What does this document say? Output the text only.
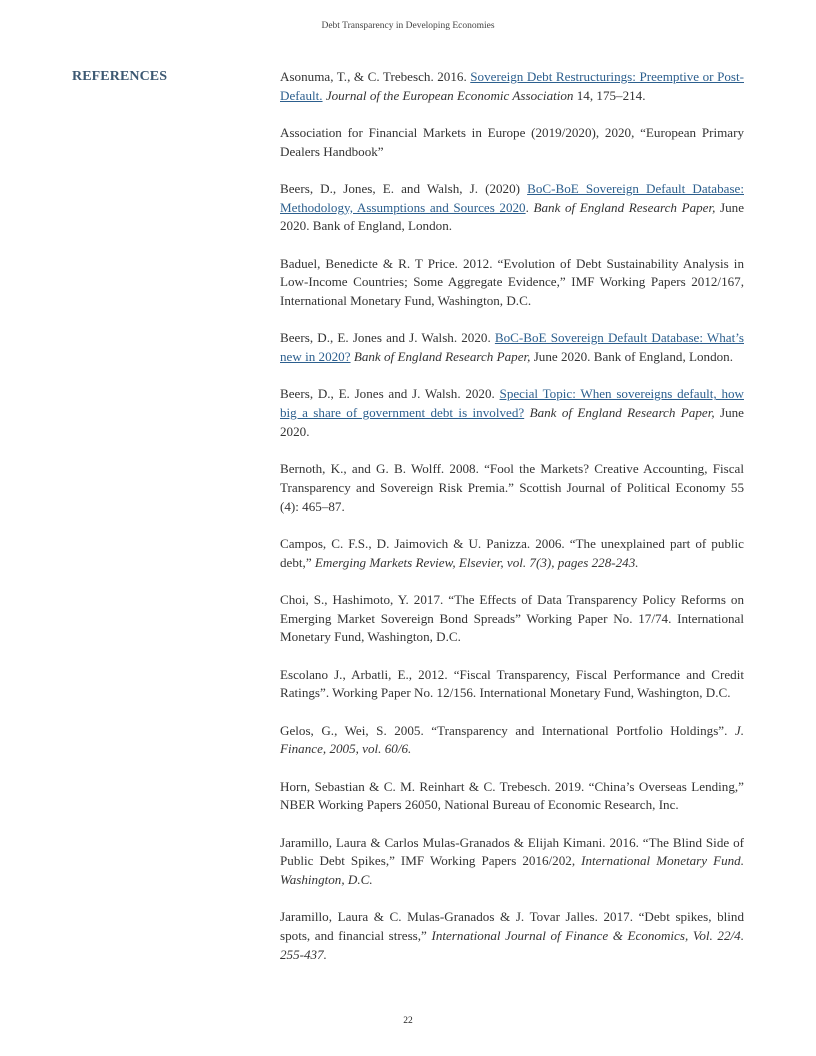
Debt Transparency in Developing Economies
REFERENCES	Asonuma, T., & C. Trebesch. 2016. Sovereign Debt Restructurings: Preemptive or Post-Default. Journal of the European Economic Association 14, 175–214.

Association for Financial Markets in Europe (2019/2020), 2020, “European Primary Dealers Handbook”

Beers, D., Jones, E. and Walsh, J. (2020) BoC-BoE Sovereign Default Database: Methodology, Assumptions and Sources 2020. Bank of England Research Paper, June 2020. Bank of England, London.

Baduel, Benedicte & R. T Price. 2012. “Evolution of Debt Sustainability Analysis in Low-Income Countries; Some Aggregate Evidence,” IMF Working Papers 2012/167, International Monetary Fund, Washington, D.C.

Beers, D., E. Jones and J. Walsh. 2020. BoC-BoE Sovereign Default Database: What’s new in 2020? Bank of England Research Paper, June 2020. Bank of England, London.

Beers, D., E. Jones and J. Walsh. 2020. Special Topic: When sovereigns default, how big a share of government debt is involved? Bank of England Research Paper, June 2020.

Bernoth, K., and G. B. Wolff. 2008. “Fool the Markets? Creative Accounting, Fiscal Transparency and Sovereign Risk Premia.” Scottish Journal of Political Economy 55 (4): 465–87.

Campos, C. F.S., D. Jaimovich & U. Panizza. 2006. “The unexplained part of public debt,” Emerging Markets Review, Elsevier, vol. 7(3), pages 228-243.

Choi, S., Hashimoto, Y. 2017. “The Effects of Data Transparency Policy Reforms on Emerging Market Sovereign Bond Spreads” Working Paper No. 17/74. International Monetary Fund, Washington, D.C.

Escolano J., Arbatli, E., 2012. “Fiscal Transparency, Fiscal Performance and Credit Ratings”. Working Paper No. 12/156. International Monetary Fund, Washington, D.C.

Gelos, G., Wei, S. 2005. “Transparency and International Portfolio Holdings”. J. Finance, 2005, vol. 60/6.

Horn, Sebastian & C. M. Reinhart & C. Trebesch. 2019. “China’s Overseas Lending,” NBER Working Papers 26050, National Bureau of Economic Research, Inc.

Jaramillo, Laura & Carlos Mulas-Granados & Elijah Kimani. 2016. “The Blind Side of Public Debt Spikes,” IMF Working Papers 2016/202, International Monetary Fund. Washington, D.C.

Jaramillo, Laura & C. Mulas-Granados & J. Tovar Jalles. 2017. “Debt spikes, blind spots, and financial stress,” International Journal of Finance & Economics, Vol. 22/4. 255-437.

22
